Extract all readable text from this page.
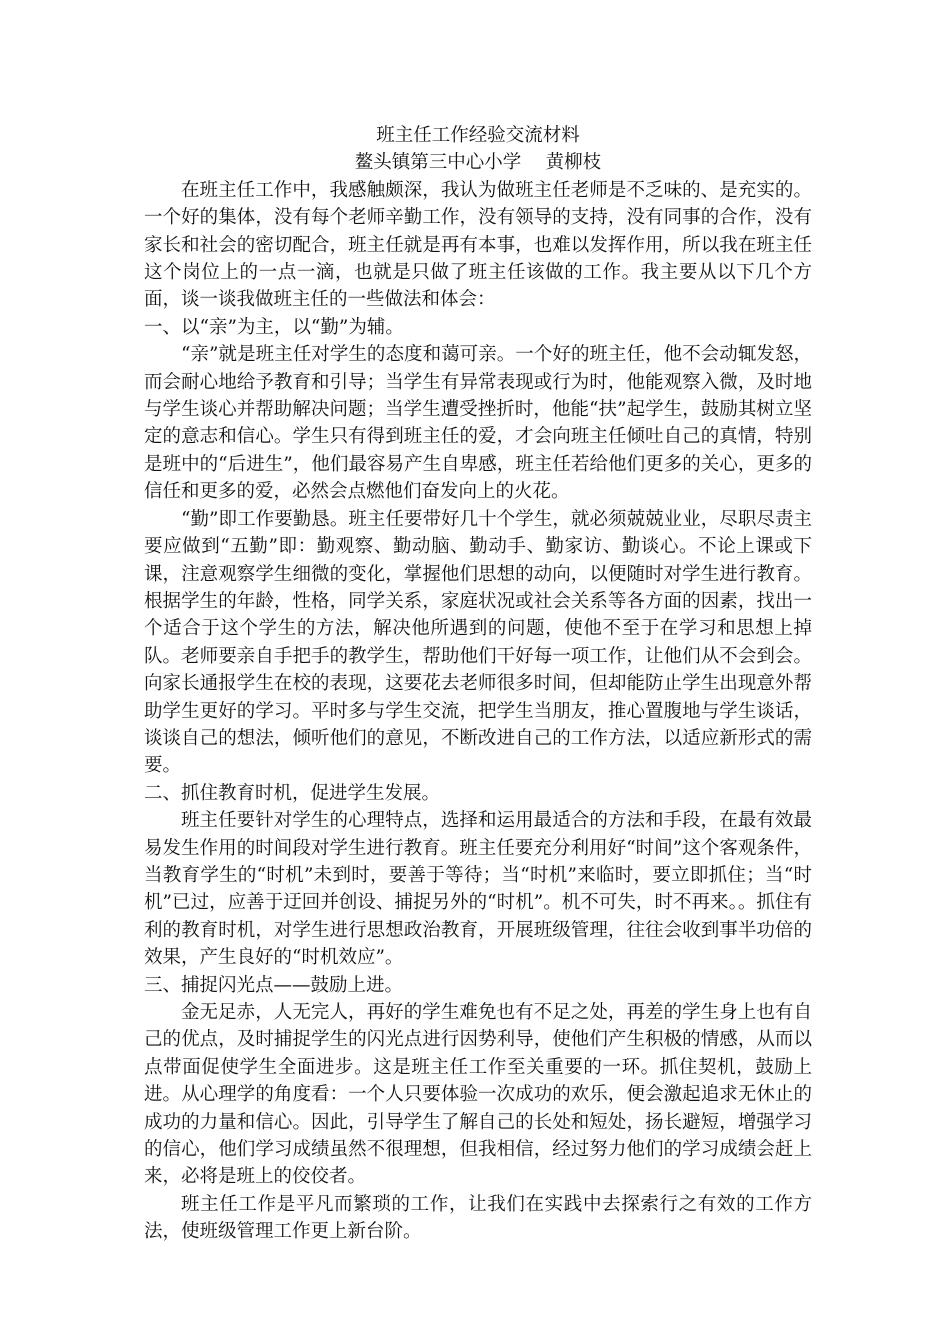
班主任工作经验交流材料

鳌头镇第三中心小学　 黄柳枝

在班主任工作中，我感触颇深，我认为做班主任老师是不乏味的、是充实的。一个好的集体，没有每个老师辛勤工作，没有领导的支持，没有同事的合作，没有家长和社会的密切配合，班主任就是再有本事，也难以发挥作用，所以我在班主任这个岗位上的一点一滴，也就是只做了班主任该做的工作。我主要从以下几个方面，谈一谈我做班主任的一些做法和体会：

一、以“亲”为主，以“勤”为辅。

“亲”就是班主任对学生的态度和蔼可亲。一个好的班主任，他不会动辄发怒，而会耐心地给予教育和引导；当学生有异常表现或行为时，他能观察入微，及时地与学生谈心并帮助解决问题；当学生遭受挫折时，他能“扶”起学生，鼓励其树立坚定的意志和信心。学生只有得到班主任的爱，才会向班主任倾吐自己的真情，特别是班中的“后进生”，他们最容易产生自卑感，班主任若给他们更多的关心，更多的信任和更多的爱，必然会点燃他们奋发向上的火花。

“勤”即工作要勤恳。班主任要带好几十个学生，就必须兢兢业业，尽职尽责主要应做到“五勤”即：勤观察、勤动脑、勤动手、勤家访、勤谈心。不论上课或下课，注意观察学生细微的变化，掌握他们思想的动向，以便随时对学生进行教育。根据学生的年龄，性格，同学关系，家庭状况或社会关系等各方面的因素，找出一个适合于这个学生的方法，解决他所遇到的问题，使他不至于在学习和思想上掉队。老师要亲自手把手的教学生，帮助他们干好每一项工作，让他们从不会到会。向家长通报学生在校的表现，这要花去老师很多时间，但却能防止学生出现意外帮助学生更好的学习。平时多与学生交流，把学生当朋友，推心置腹地与学生谈话，谈谈自己的想法，倾听他们的意见，不断改进自己的工作方法，以适应新形式的需要。

二、抓住教育时机，促进学生发展。

班主任要针对学生的心理特点，选择和运用最适合的方法和手段，在最有效最易发生作用的时间段对学生进行教育。班主任要充分利用好“时间”这个客观条件，当教育学生的“时机”未到时，要善于等待；当“时机”来临时，要立即抓住；当“时机”已过，应善于迂回并创设、捕捉另外的“时机”。机不可失，时不再来。。抓住有利的教育时机，对学生进行思想政治教育，开展班级管理，往往会收到事半功倍的效果，产生良好的“时机效应”。

三、捕捉闪光点——鼓励上进。

金无足赤，人无完人，再好的学生难免也有不足之处，再差的学生身上也有自己的优点，及时捕捉学生的闪光点进行因势利导，使他们产生积极的情感，从而以点带面促使学生全面进步。这是班主任工作至关重要的一环。抓住契机，鼓励上进。从心理学的角度看：一个人只要体验一次成功的欢乐，便会激起追求无休止的成功的力量和信心。因此，引导学生了解自己的长处和短处，扬长避短，增强学习的信心，他们学习成绩虽然不很理想，但我相信，经过努力他们的学习成绩会赶上来，必将是班上的佼佼者。

班主任工作是平凡而繁琐的工作，让我们在实践中去探索行之有效的工作方法，使班级管理工作更上新台阶。
